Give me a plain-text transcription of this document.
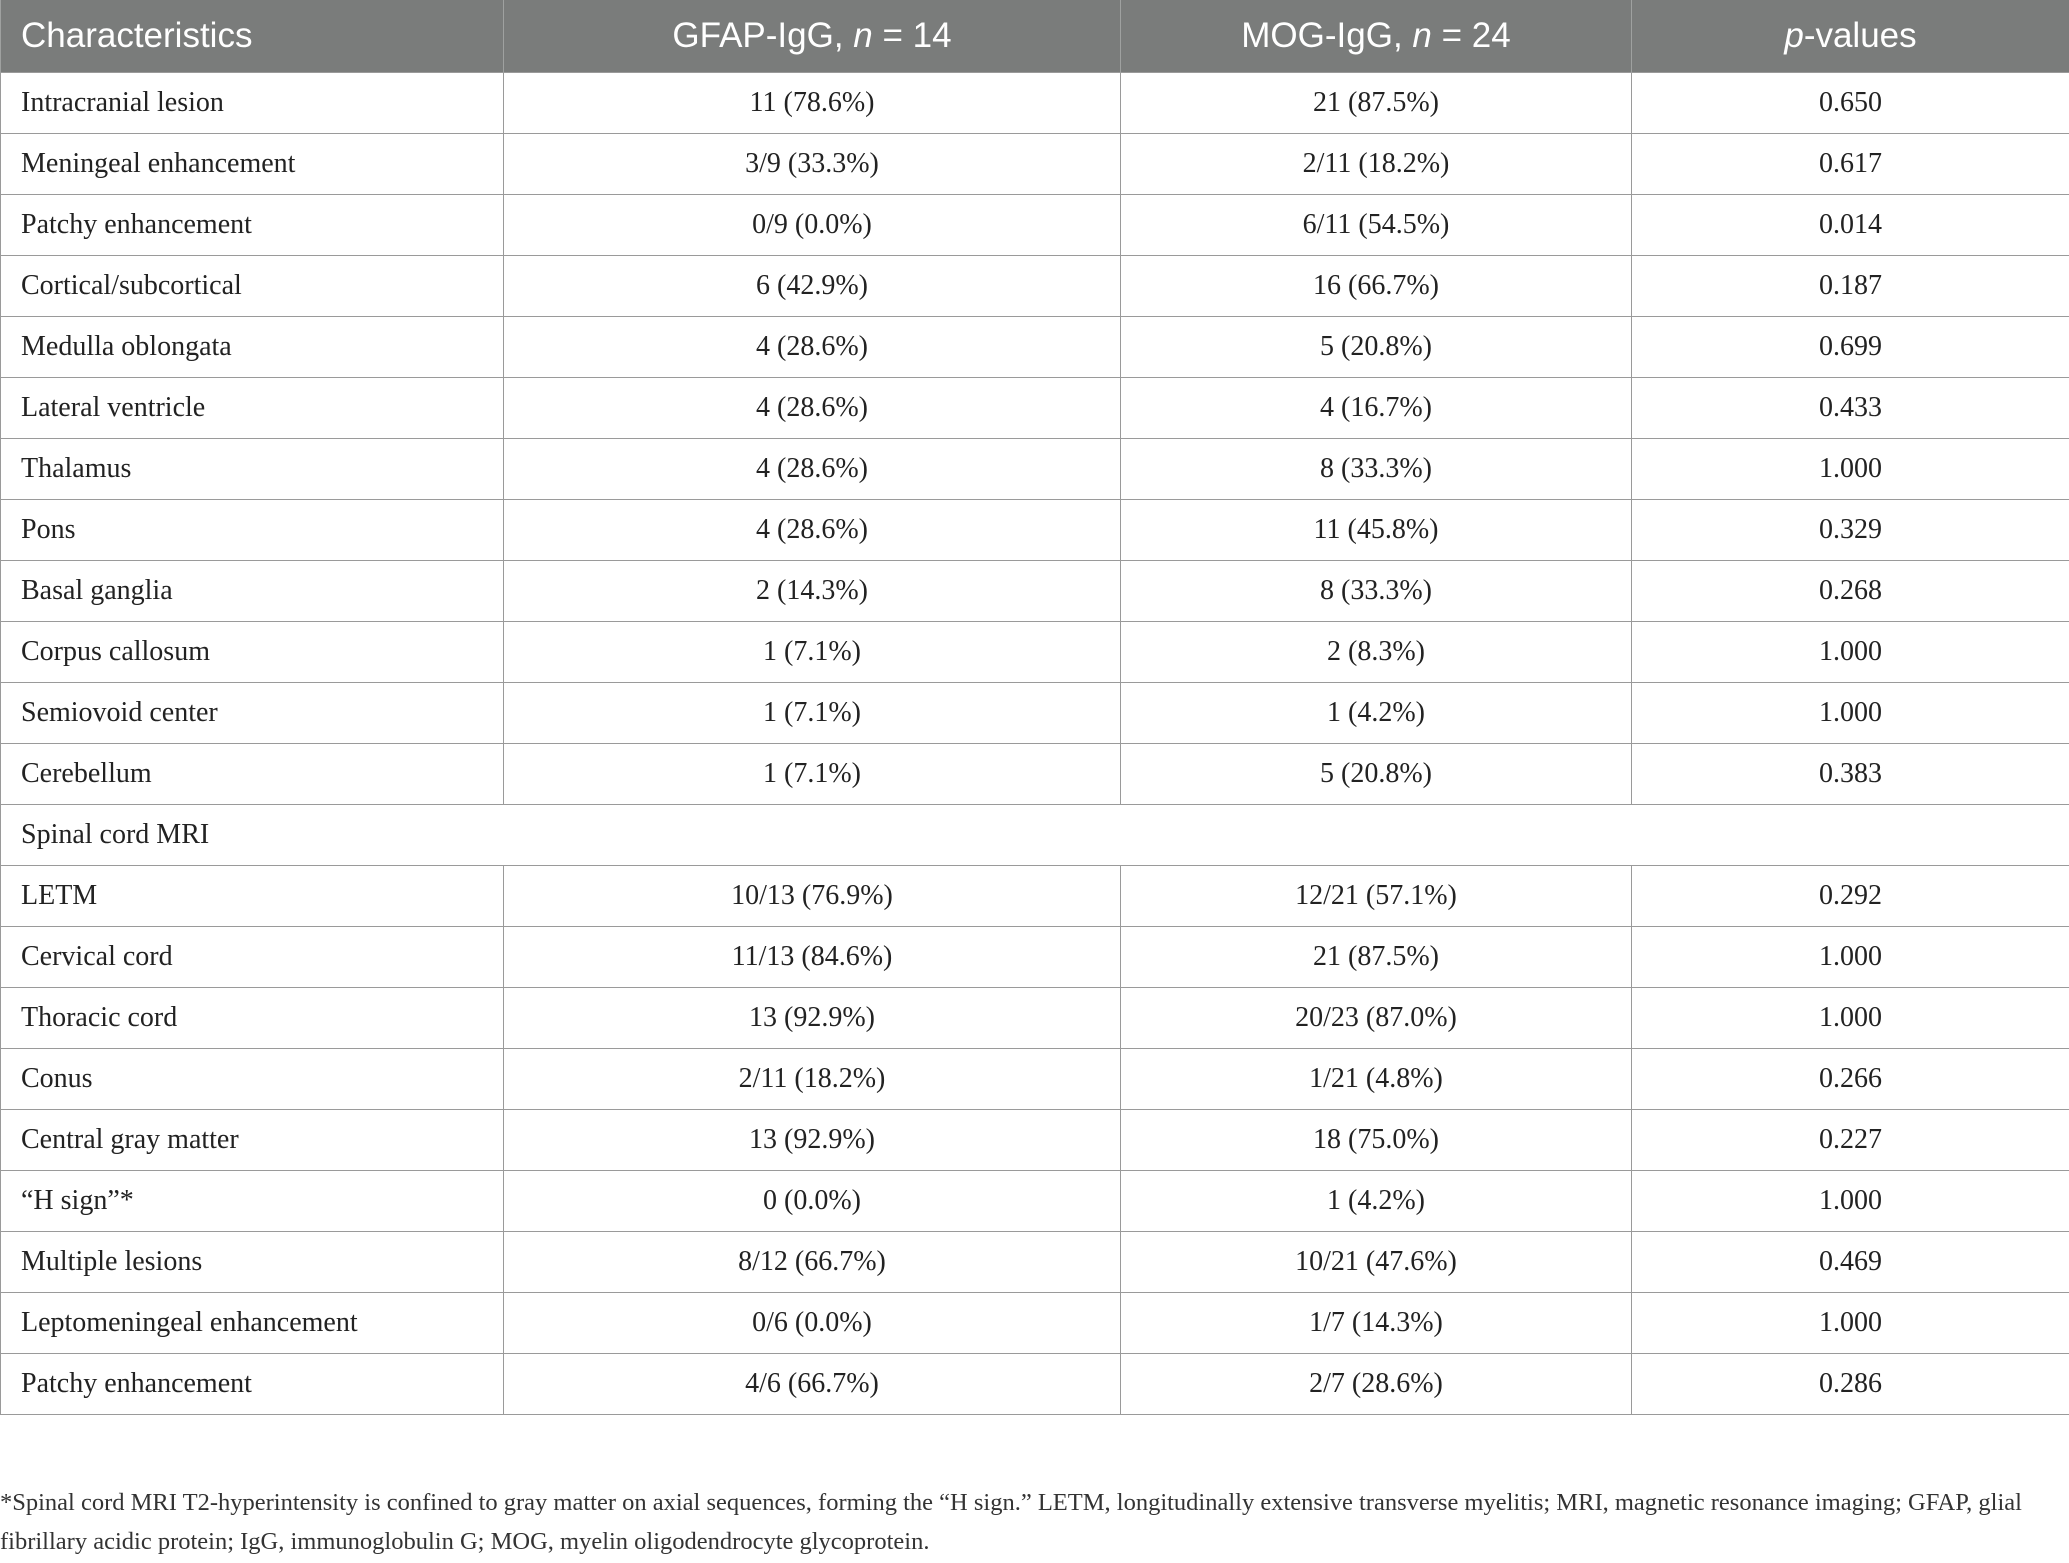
Characteristics	GFAP-IgG, n = 14	MOG-IgG, n = 24	p-values
Intracranial lesion	11 (78.6%)	21 (87.5%)	0.650
Meningeal enhancement	3/9 (33.3%)	2/11 (18.2%)	0.617
Patchy enhancement	0/9 (0.0%)	6/11 (54.5%)	0.014
Cortical/subcortical	6 (42.9%)	16 (66.7%)	0.187
Medulla oblongata	4 (28.6%)	5 (20.8%)	0.699
Lateral ventricle	4 (28.6%)	4 (16.7%)	0.433
Thalamus	4 (28.6%)	8 (33.3%)	1.000
Pons	4 (28.6%)	11 (45.8%)	0.329
Basal ganglia	2 (14.3%)	8 (33.3%)	0.268
Corpus callosum	1 (7.1%)	2 (8.3%)	1.000
Semiovoid center	1 (7.1%)	1 (4.2%)	1.000
Cerebellum	1 (7.1%)	5 (20.8%)	0.383
Spinal cord MRI			
LETM	10/13 (76.9%)	12/21 (57.1%)	0.292
Cervical cord	11/13 (84.6%)	21 (87.5%)	1.000
Thoracic cord	13 (92.9%)	20/23 (87.0%)	1.000
Conus	2/11 (18.2%)	1/21 (4.8%)	0.266
Central gray matter	13 (92.9%)	18 (75.0%)	0.227
“H sign”*	0 (0.0%)	1 (4.2%)	1.000
Multiple lesions	8/12 (66.7%)	10/21 (47.6%)	0.469
Leptomeningeal enhancement	0/6 (0.0%)	1/7 (14.3%)	1.000
Patchy enhancement	4/6 (66.7%)	2/7 (28.6%)	0.286
*Spinal cord MRI T2-hyperintensity is confined to gray matter on axial sequences, forming the “H sign.” LETM, longitudinally extensive transverse myelitis; MRI, magnetic resonance imaging; GFAP, glial fibrillary acidic protein; IgG, immunoglobulin G; MOG, myelin oligodendrocyte glycoprotein.
